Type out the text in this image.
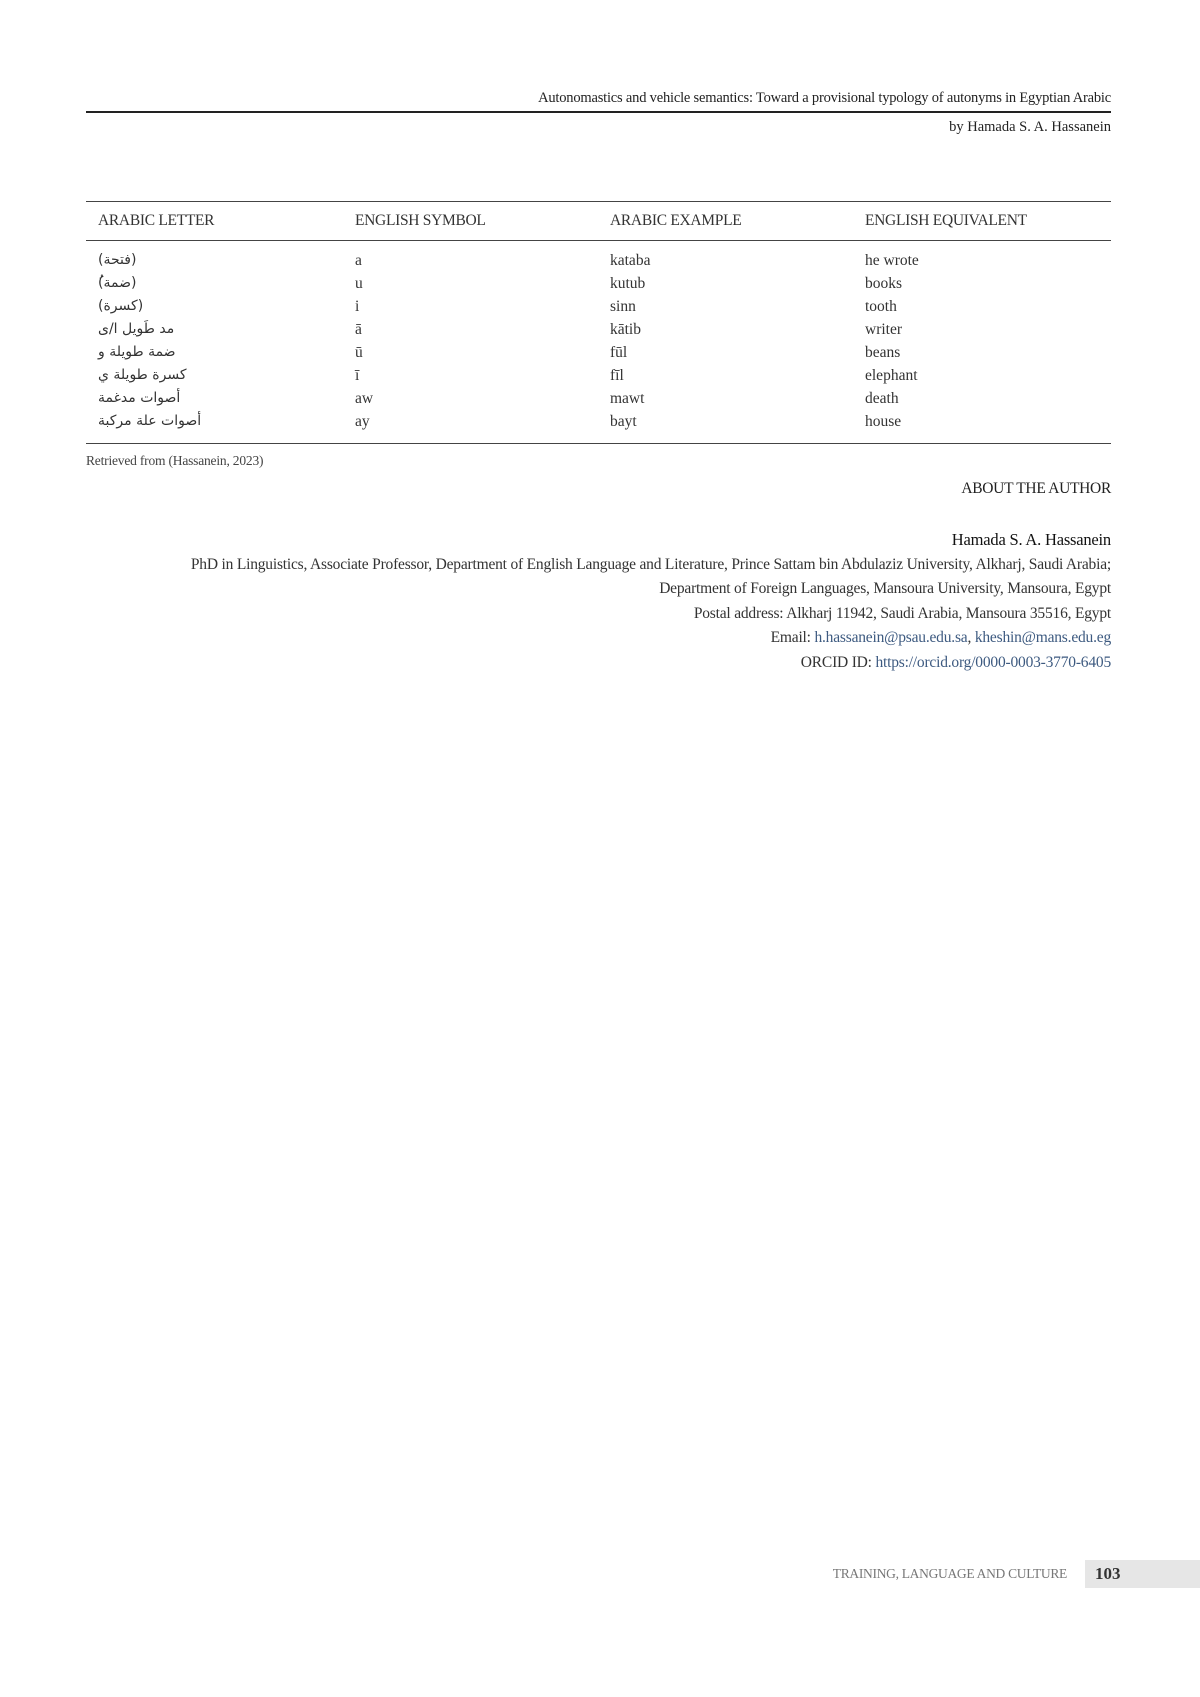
Autonomastics and vehicle semantics: Toward a provisional typology of autonyms in Egyptian Arabic
by Hamada S. A. Hassanein
ARABIC LETTER	ENGLISH SYMBOL	ARABIC EXAMPLE	ENGLISH EQUIVALENT
(فتحة)	a	kataba	he wrote
ُ(ضمة)	u	kutub	books
(كسرة)	i	sinn	tooth
مد طَويل ا/ى	ā	kātib	writer
ضمة طويلة و	ū	fūl	beans
كسرة طويلة ي	ī	fīl	elephant
أصوات مدغمة	aw	mawt	death
أصوات علة مركبة	ay	bayt	house
Retrieved from (Hassanein, 2023)
ABOUT THE AUTHOR
Hamada S. A. Hassanein
PhD in Linguistics, Associate Professor, Department of English Language and Literature, Prince Sattam bin Abdulaziz University, Alkharj, Saudi Arabia;
Department of Foreign Languages, Mansoura University, Mansoura, Egypt
Postal address: Alkharj 11942, Saudi Arabia, Mansoura 35516, Egypt
Email: h.hassanein@psau.edu.sa, kheshin@mans.edu.eg
ORCID ID: https://orcid.org/0000-0003-3770-6405
TRAINING, LANGUAGE AND CULTURE 103
